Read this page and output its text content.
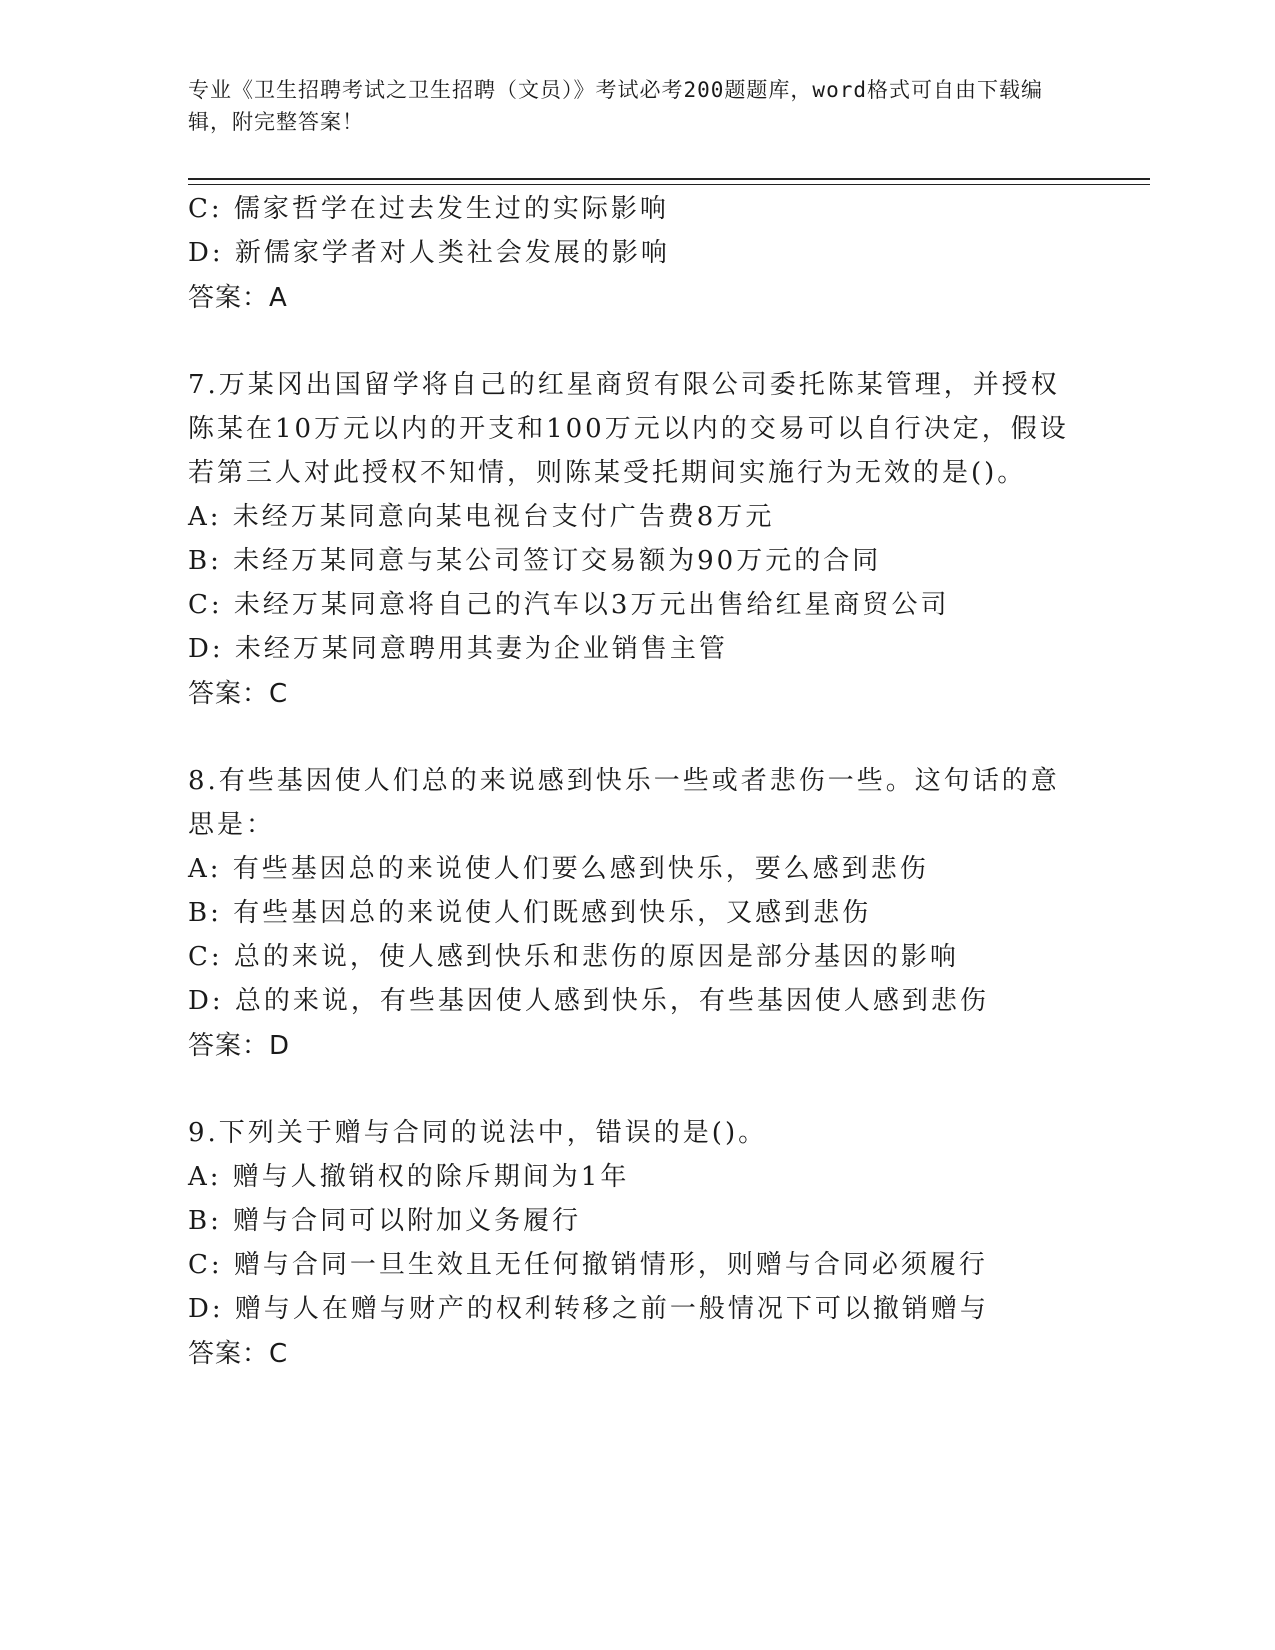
专业《卫生招聘考试之卫生招聘（文员）》考试必考200题题库，word格式可自由下载编辑，附完整答案！
C: 儒家哲学在过去发生过的实际影响
D: 新儒家学者对人类社会发展的影响
答案：A
7.万某冈出国留学将自己的红星商贸有限公司委托陈某管理，并授权
陈某在10万元以内的开支和100万元以内的交易可以自行决定，假设
若第三人对此授权不知情，则陈某受托期间实施行为无效的是()。
A: 未经万某同意向某电视台支付广告费8万元
B: 未经万某同意与某公司签订交易额为90万元的合同
C: 未经万某同意将自己的汽车以3万元出售给红星商贸公司
D: 未经万某同意聘用其妻为企业销售主管
答案：C
8.有些基因使人们总的来说感到快乐一些或者悲伤一些。这句话的意
思是：
A: 有些基因总的来说使人们要么感到快乐，要么感到悲伤
B: 有些基因总的来说使人们既感到快乐，又感到悲伤
C: 总的来说，使人感到快乐和悲伤的原因是部分基因的影响
D: 总的来说，有些基因使人感到快乐，有些基因使人感到悲伤
答案：D
9.下列关于赠与合同的说法中，错误的是()。
A: 赠与人撤销权的除斥期间为1年
B: 赠与合同可以附加义务履行
C: 赠与合同一旦生效且无任何撤销情形，则赠与合同必须履行
D: 赠与人在赠与财产的权利转移之前一般情况下可以撤销赠与
答案：C
